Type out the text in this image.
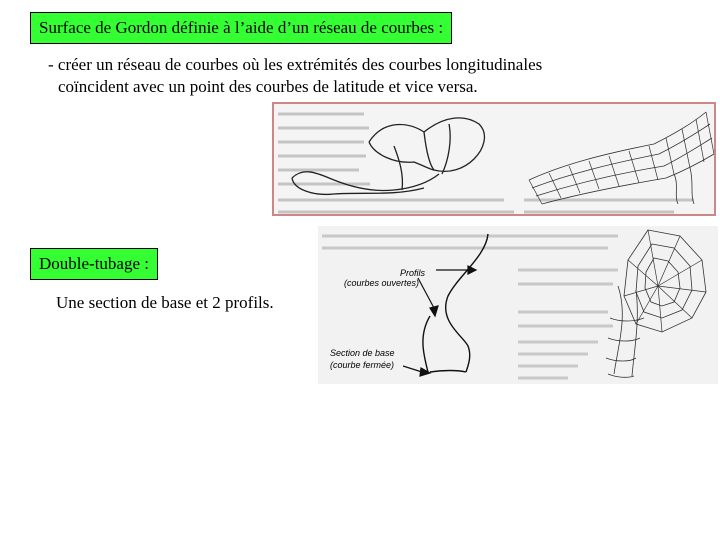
Surface de Gordon définie à l’aide d’un réseau de courbes :
- créer un réseau de courbes où les extrémités des courbes longitudinales
coïncident avec un point des courbes de latitude et vice versa.
Double-tubage :
Une section de base et 2 profils.
Profils
(courbes ouvertes)
Section de base
(courbe fermée)
